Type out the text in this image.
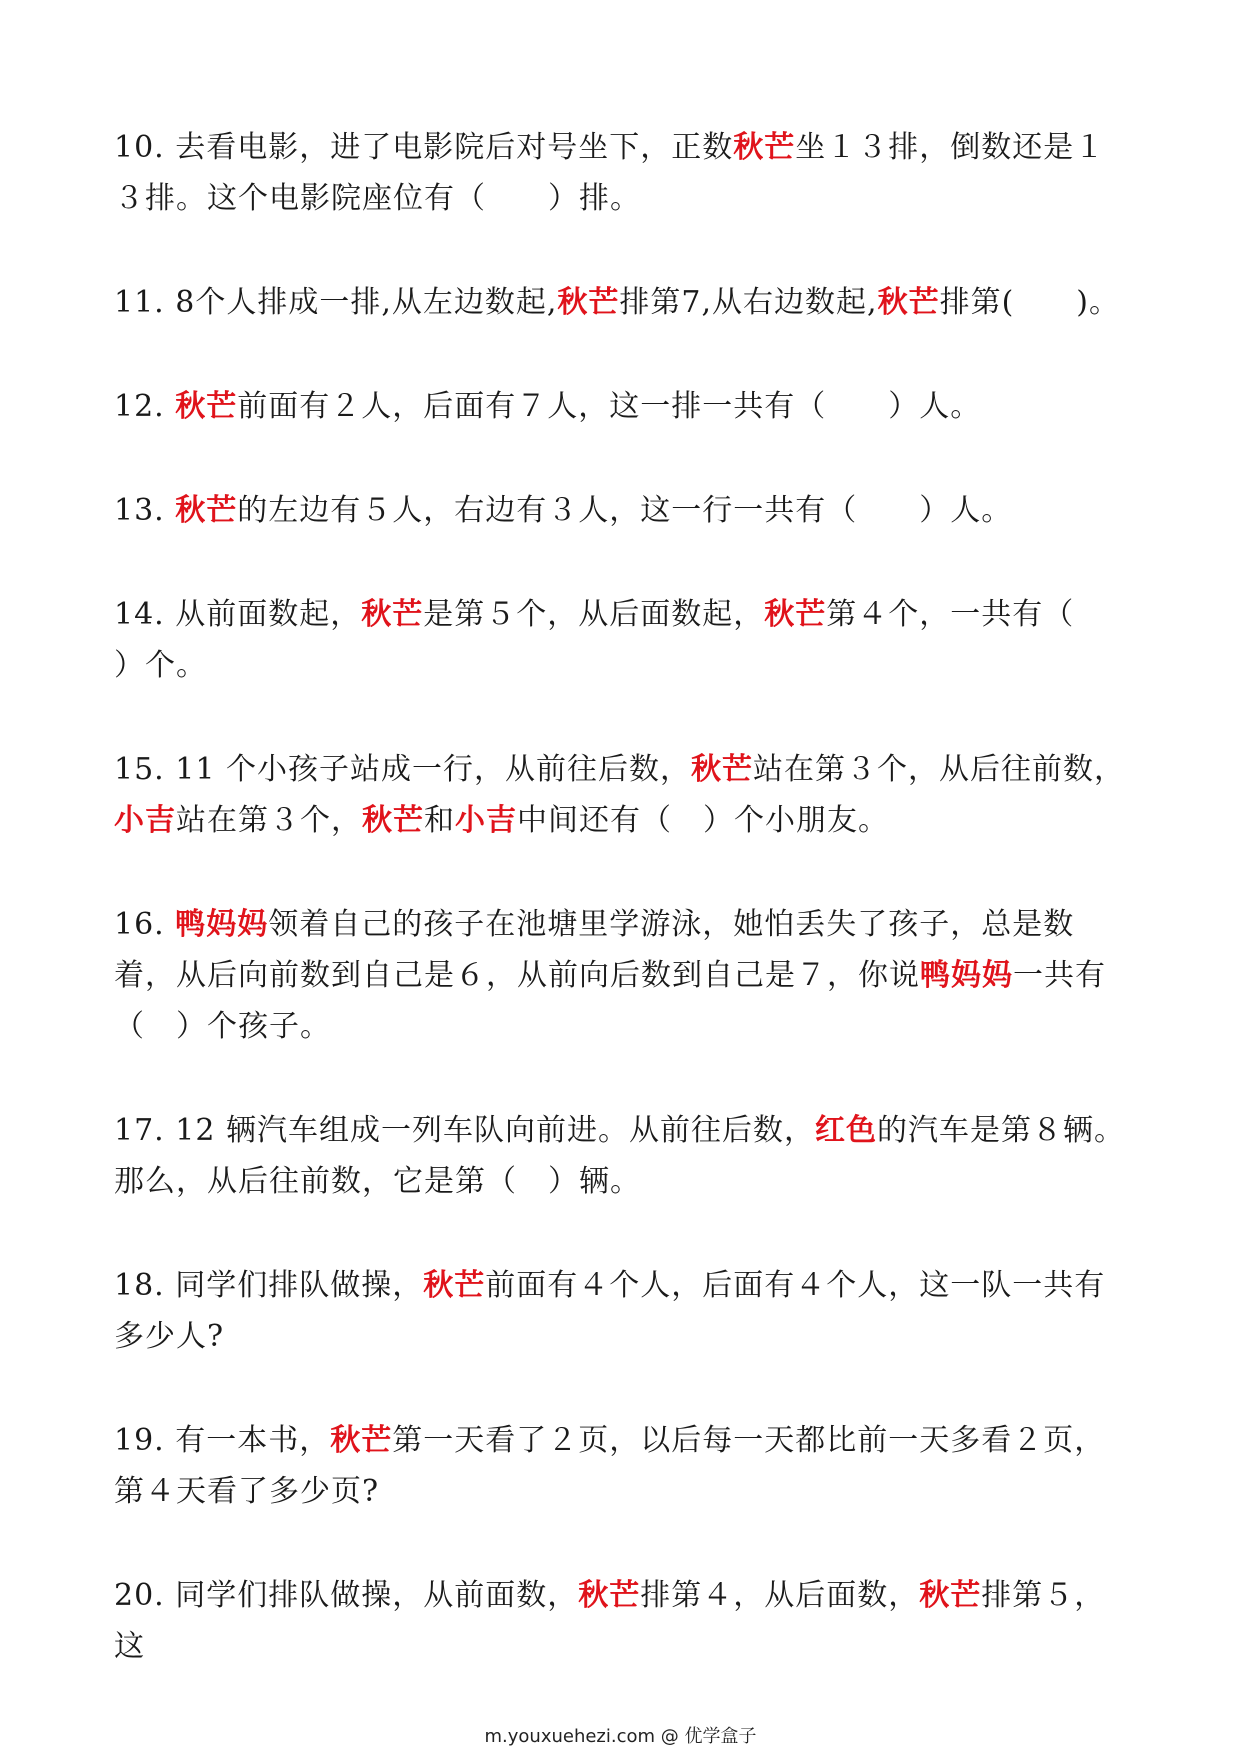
10. 去看电影，进了电影院后对号坐下，正数秋芒坐１３排，倒数还是１３排。这个电影院座位有（　　）排。
11. 8个人排成一排,从左边数起,秋芒排第7,从右边数起,秋芒排第(　　)。
12. 秋芒前面有２人，后面有７人，这一排一共有（　　）人。
13. 秋芒的左边有５人，右边有３人，这一行一共有（　　）人。
14. 从前面数起，秋芒是第５个，从后面数起，秋芒第４个，一共有（　　）个。
15. 11 个小孩子站成一行，从前往后数，秋芒站在第３个，从后往前数，小吉站在第３个，秋芒和小吉中间还有（　）个小朋友。
16. 鸭妈妈领着自己的孩子在池塘里学游泳，她怕丢失了孩子，总是数着，从后向前数到自己是６，从前向后数到自己是７，你说鸭妈妈一共有（　）个孩子。
17. 12 辆汽车组成一列车队向前进。从前往后数，红色的汽车是第８辆。那么，从后往前数，它是第（　）辆。
18. 同学们排队做操，秋芒前面有４个人，后面有４个人，这一队一共有多少人?
19. 有一本书，秋芒第一天看了２页，以后每一天都比前一天多看２页，第４天看了多少页?
20. 同学们排队做操，从前面数，秋芒排第４，从后面数，秋芒排第５，这
m.youxuehezi.com @ 优学盒子
